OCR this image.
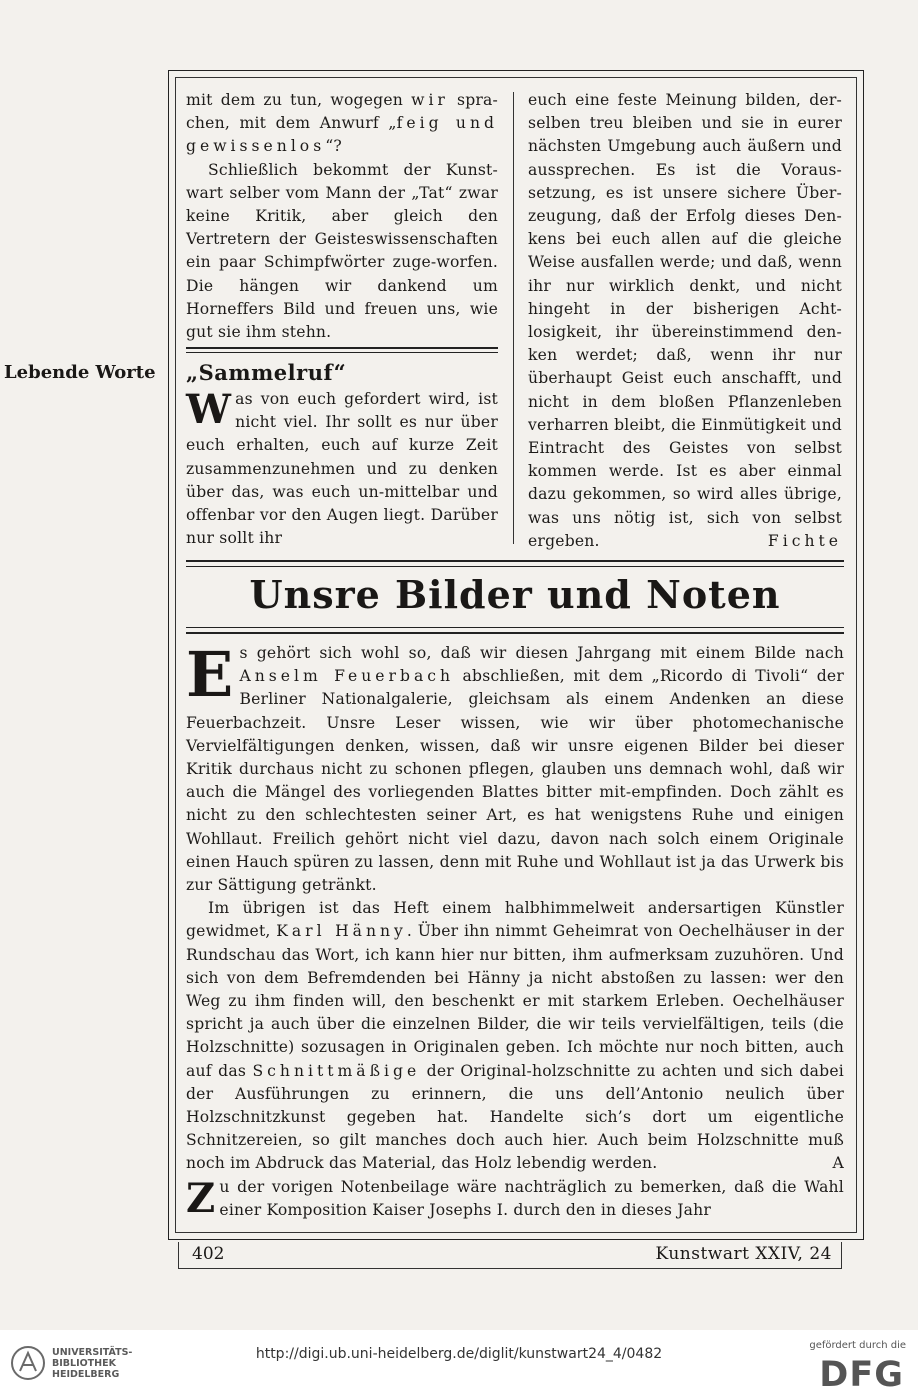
mit dem zu tun, wogegen wir spra-chen, mit dem Anwurf „feig und gewissenlos“?

Schließlich bekommt der Kunst-wart selber vom Mann der „Tat“ zwar keine Kritik, aber gleich den Vertretern der Geisteswissenschaften ein paar Schimpfwörter zuge-worfen. Die hängen wir dankend um Horneffers Bild und freuen uns, wie gut sie ihm stehn.

Lebende Worte	„Sammelruf“

Was von euch gefordert wird, ist nicht viel. Ihr sollt es nur über euch erhalten, euch auf kurze Zeit zusammenzunehmen und zu denken über das, was euch un-mittelbar und offenbar vor den Augen liegt. Darüber nur sollt ihr

euch eine feste Meinung bilden, der-selben treu bleiben und sie in eurer nächsten Umgebung auch äußern und aussprechen. Es ist die Voraus-setzung, es ist unsere sichere Über-zeugung, daß der Erfolg dieses Den-kens bei euch allen auf die gleiche Weise ausfallen werde; und daß, wenn ihr nur wirklich denkt, und nicht hingeht in der bisherigen Acht-losigkeit, ihr übereinstimmend den-ken werdet; daß, wenn ihr nur überhaupt Geist euch anschafft, und nicht in dem bloßen Pflanzenleben verharren bleibt, die Einmütigkeit und Eintracht des Geistes von selbst kommen werde. Ist es aber einmal dazu gekommen, so wird alles übrige, was uns nötig ist, sich von selbst ergeben.	Fichte

Unsre Bilder und Noten

Es gehört sich wohl so, daß wir diesen Jahrgang mit einem Bilde nach Anselm Feuerbach abschließen, mit dem „Ricordo di Tivoli“ der Berliner Nationalgalerie, gleichsam als einem Andenken an diese Feuerbachzeit. Unsre Leser wissen, wie wir über photomechanische Vervielfältigungen denken, wissen, daß wir unsre eigenen Bilder bei dieser Kritik durchaus nicht zu schonen pflegen, glauben uns demnach wohl, daß wir auch die Mängel des vorliegenden Blattes bitter mit-empfinden. Doch zählt es nicht zu den schlechtesten seiner Art, es hat wenigstens Ruhe und einigen Wohllaut. Freilich gehört nicht viel dazu, davon nach solch einem Originale einen Hauch spüren zu lassen, denn mit Ruhe und Wohllaut ist ja das Urwerk bis zur Sättigung getränkt.

Im übrigen ist das Heft einem halbhimmelweit andersartigen Künstler gewidmet, Karl Hänny. Über ihn nimmt Geheimrat von Oechelhäuser in der Rundschau das Wort, ich kann hier nur bitten, ihm aufmerksam zuzuhören. Und sich von dem Befremdenden bei Hänny ja nicht abstoßen zu lassen: wer den Weg zu ihm finden will, den beschenkt er mit starkem Erleben. Oechelhäuser spricht ja auch über die einzelnen Bilder, die wir teils vervielfältigen, teils (die Holzschnitte) sozusagen in Originalen geben. Ich möchte nur noch bitten, auch auf das Schnittmäßige der Original-holzschnitte zu achten und sich dabei der Ausführungen zu erinnern, die uns dell’Antonio neulich über Holzschnitzkunst gegeben hat. Handelte sich’s dort um eigentliche Schnitzereien, so gilt manches doch auch hier. Auch beim Holzschnitte muß noch im Abdruck das Material, das Holz lebendig werden.	A

Zu der vorigen Notenbeilage wäre nachträglich zu bemerken, daß die Wahl einer Komposition Kaiser Josephs I. durch den in dieses Jahr

402	Kunstwart XXIV, 24
UNIVERSITÄTS-
BIBLIOTHEK
HEIDELBERG
http://digi.ub.uni-heidelberg.de/diglit/kunstwart24_4/0482
gefördert durch die
DFG
